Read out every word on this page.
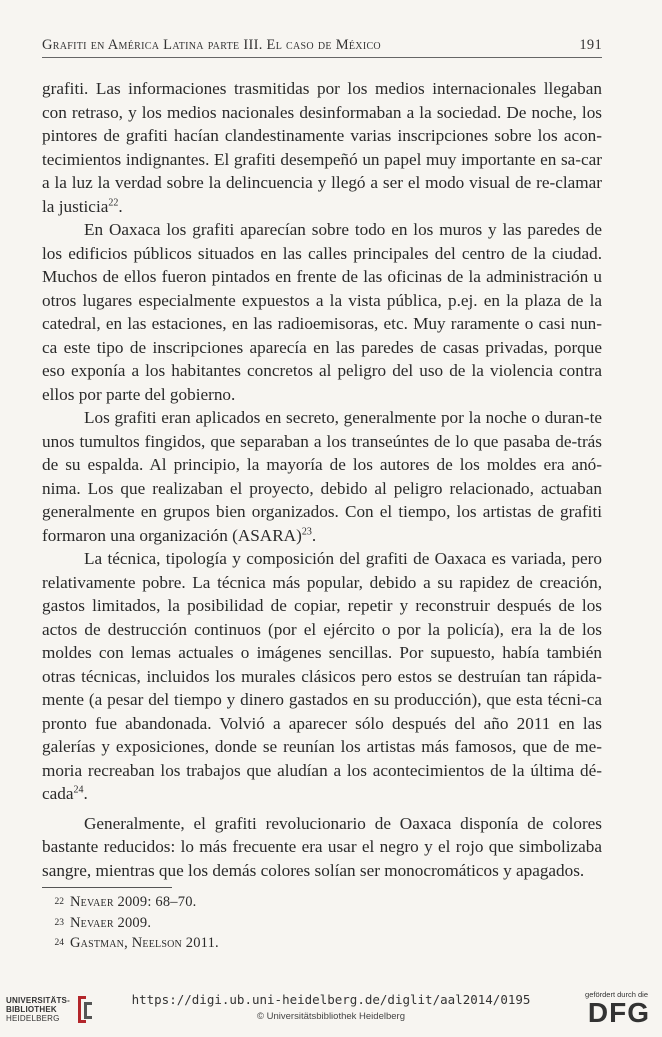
Grafiti en América Latina parte III. El caso de México	191

grafiti. Las informaciones trasmitidas por los medios internacionales llegaban con retraso, y los medios nacionales desinformaban a la sociedad. De noche, los pintores de grafiti hacían clandestinamente varias inscripciones sobre los acon-tecimientos indignantes. El grafiti desempeñó un papel muy importante en sa-car a la luz la verdad sobre la delincuencia y llegó a ser el modo visual de re-clamar la justicia$^{22}$.

En Oaxaca los grafiti aparecían sobre todo en los muros y las paredes de los edificios públicos situados en las calles principales del centro de la ciudad. Muchos de ellos fueron pintados en frente de las oficinas de la administración u otros lugares especialmente expuestos a la vista pública, p.ej. en la plaza de la catedral, en las estaciones, en las radioemisoras, etc. Muy raramente o casi nun-ca este tipo de inscripciones aparecía en las paredes de casas privadas, porque eso exponía a los habitantes concretos al peligro del uso de la violencia contra ellos por parte del gobierno.

Los grafiti eran aplicados en secreto, generalmente por la noche o duran-te unos tumultos fingidos, que separaban a los transeúntes de lo que pasaba de-trás de su espalda. Al principio, la mayoría de los autores de los moldes era anó-nima. Los que realizaban el proyecto, debido al peligro relacionado, actuaban generalmente en grupos bien organizados. Con el tiempo, los artistas de grafiti formaron una organización (ASARA)$^{23}$.

La técnica, tipología y composición del grafiti de Oaxaca es variada, pero relativamente pobre. La técnica más popular, debido a su rapidez de creación, gastos limitados, la posibilidad de copiar, repetir y reconstruir después de los actos de destrucción continuos (por el ejército o por la policía), era la de los moldes con lemas actuales o imágenes sencillas. Por supuesto, había también otras técnicas, incluidos los murales clásicos pero estos se destruían tan rápida-mente (a pesar del tiempo y dinero gastados en su producción), que esta técni-ca pronto fue abandonada. Volvió a aparecer sólo después del año 2011 en las galerías y exposiciones, donde se reunían los artistas más famosos, que de me-moria recreaban los trabajos que aludían a los acontecimientos de la última dé-cada$^{24}$.

Generalmente, el grafiti revolucionario de Oaxaca disponía de colores bastante reducidos: lo más frecuente era usar el negro y el rojo que simbolizaba sangre, mientras que los demás colores solían ser monocromáticos y apagados.

22 Nevaer 2009: 68–70.
23 Nevaer 2009.
24 Gastman, Neelson 2011.
UNIVERSITÄTS-
BIBLIOTHEK
HEIDELBERG
https://digi.ub.uni-heidelberg.de/diglit/aal2014/0195
© Universitätsbibliothek Heidelberg
gefördert durch die
DFG
